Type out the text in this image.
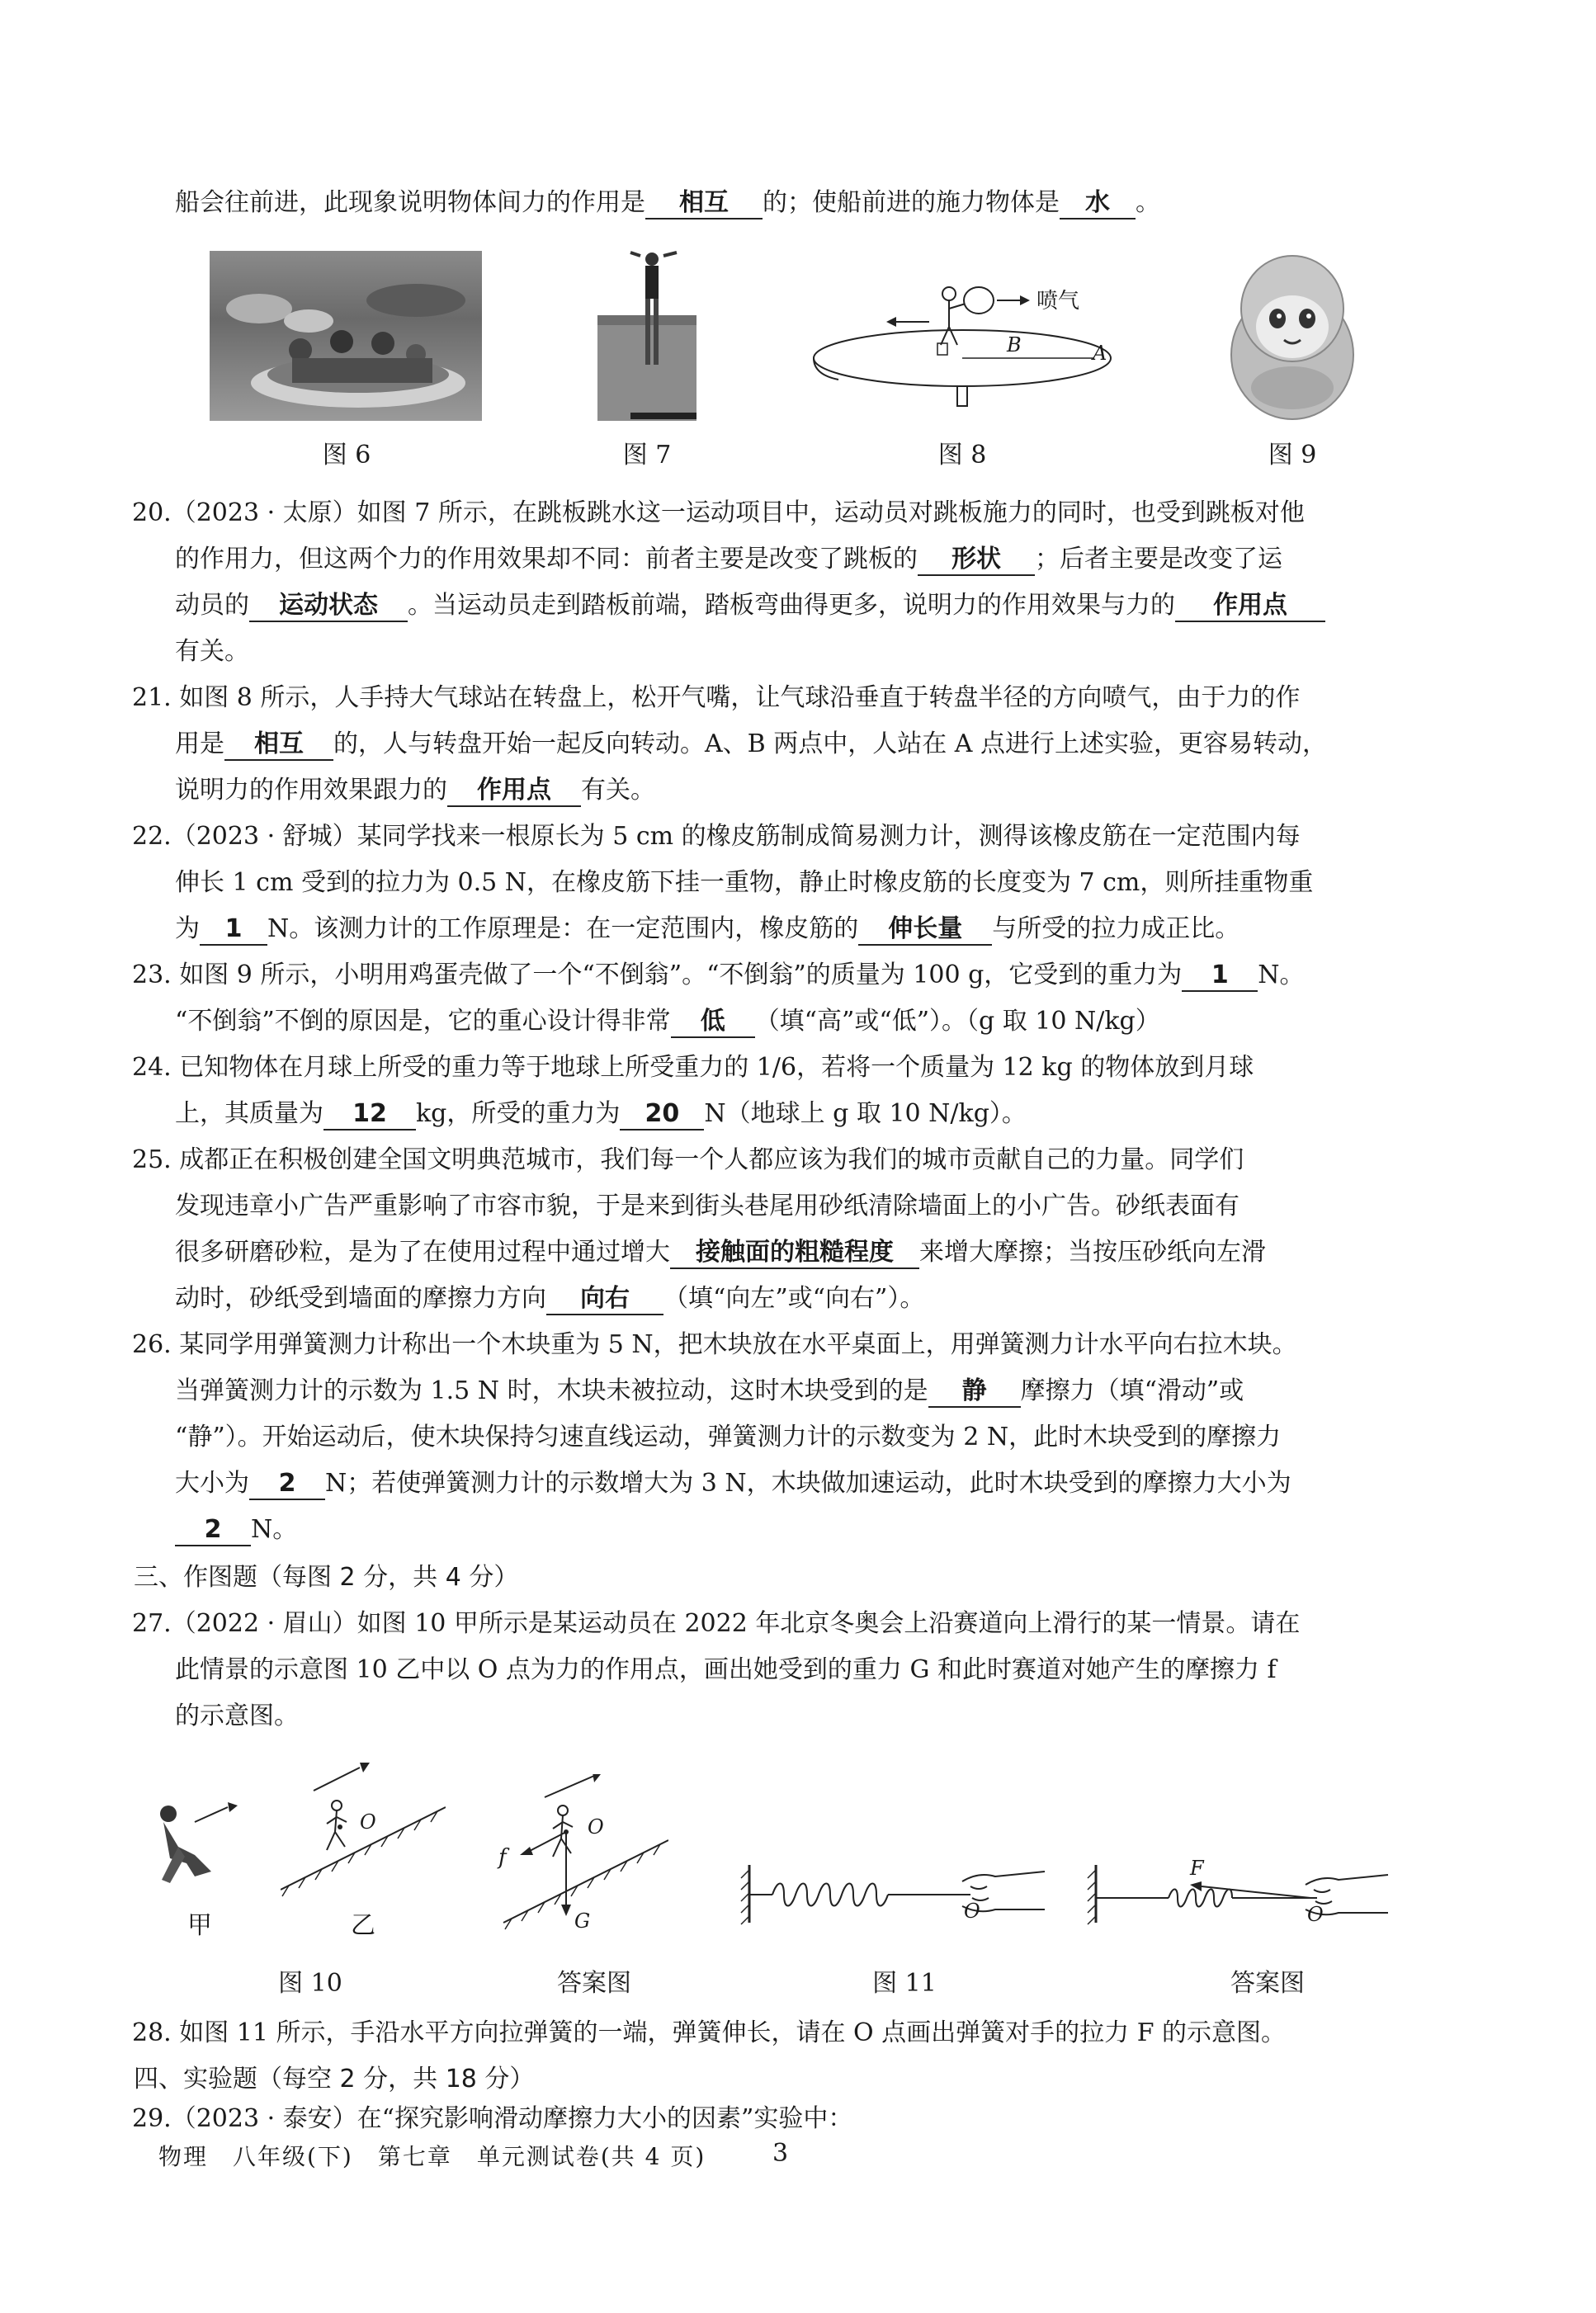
船会往前进，此现象说明物体间力的作用是 相互 的；使船前进的施力物体是 水 。
图 6	图 7
喷气
A
B
图 8	图 9
20.（2023 · 太原）如图 7 所示，在跳板跳水这一运动项目中，运动员对跳板施力的同时，也受到跳板对他
的作用力，但这两个力的作用效果却不同：前者主要是改变了跳板的 形状 ；后者主要是改变了运
动员的 运动状态 。当运动员走到踏板前端，踏板弯曲得更多，说明力的作用效果与力的 作用点
有关。
21. 如图 8 所示，人手持大气球站在转盘上，松开气嘴，让气球沿垂直于转盘半径的方向喷气，由于力的作
用是 相互 的，人与转盘开始一起反向转动。A、B 两点中，人站在 A 点进行上述实验，更容易转动，
说明力的作用效果跟力的 作用点 有关。
22.（2023 · 舒城）某同学找来一根原长为 5 cm 的橡皮筋制成简易测力计，测得该橡皮筋在一定范围内每
伸长 1 cm 受到的拉力为 0.5 N，在橡皮筋下挂一重物，静止时橡皮筋的长度变为 7 cm，则所挂重物重
为 1 N。该测力计的工作原理是：在一定范围内，橡皮筋的 伸长量 与所受的拉力成正比。
23. 如图 9 所示，小明用鸡蛋壳做了一个“不倒翁”。“不倒翁”的质量为 100 g，它受到的重力为 1 N。
“不倒翁”不倒的原因是，它的重心设计得非常 低 （填“高”或“低”）。（g 取 10 N/kg）
24. 已知物体在月球上所受的重力等于地球上所受重力的 1/6，若将一个质量为 12 kg 的物体放到月球
上，其质量为 12 kg，所受的重力为 20 N（地球上 g 取 10 N/kg）。
25. 成都正在积极创建全国文明典范城市，我们每一个人都应该为我们的城市贡献自己的力量。同学们
发现违章小广告严重影响了市容市貌，于是来到街头巷尾用砂纸清除墙面上的小广告。砂纸表面有
很多研磨砂粒，是为了在使用过程中通过增大 接触面的粗糙程度 来增大摩擦；当按压砂纸向左滑
动时，砂纸受到墙面的摩擦力方向 向右 （填“向左”或“向右”）。
26. 某同学用弹簧测力计称出一个木块重为 5 N，把木块放在水平桌面上，用弹簧测力计水平向右拉木块。
当弹簧测力计的示数为 1.5 N 时，木块未被拉动，这时木块受到的是 静 摩擦力（填“滑动”或
“静”）。开始运动后，使木块保持匀速直线运动，弹簧测力计的示数变为 2 N，此时木块受到的摩擦力
大小为 2 N；若使弹簧测力计的示数增大为 3 N，木块做加速运动，此时木块受到的摩擦力大小为
2 N。
三、作图题（每图 2 分，共 4 分）
27.（2022 · 眉山）如图 10 甲所示是某运动员在 2022 年北京冬奥会上沿赛道向上滑行的某一情景。请在
此情景的示意图 10 乙中以 O 点为力的作用点，画出她受到的重力 G 和此时赛道对她产生的摩擦力 f
的示意图。
甲
O
乙
图 10
O
f
G
答案图
O
图 11
F
O
答案图
28. 如图 11 所示，手沿水平方向拉弹簧的一端，弹簧伸长，请在 O 点画出弹簧对手的拉力 F 的示意图。
四、实验题（每空 2 分，共 18 分）
29.（2023 · 泰安）在“探究影响滑动摩擦力大小的因素”实验中：
物理　八年级(下)　第七章　单元测试卷(共 4 页)	3
